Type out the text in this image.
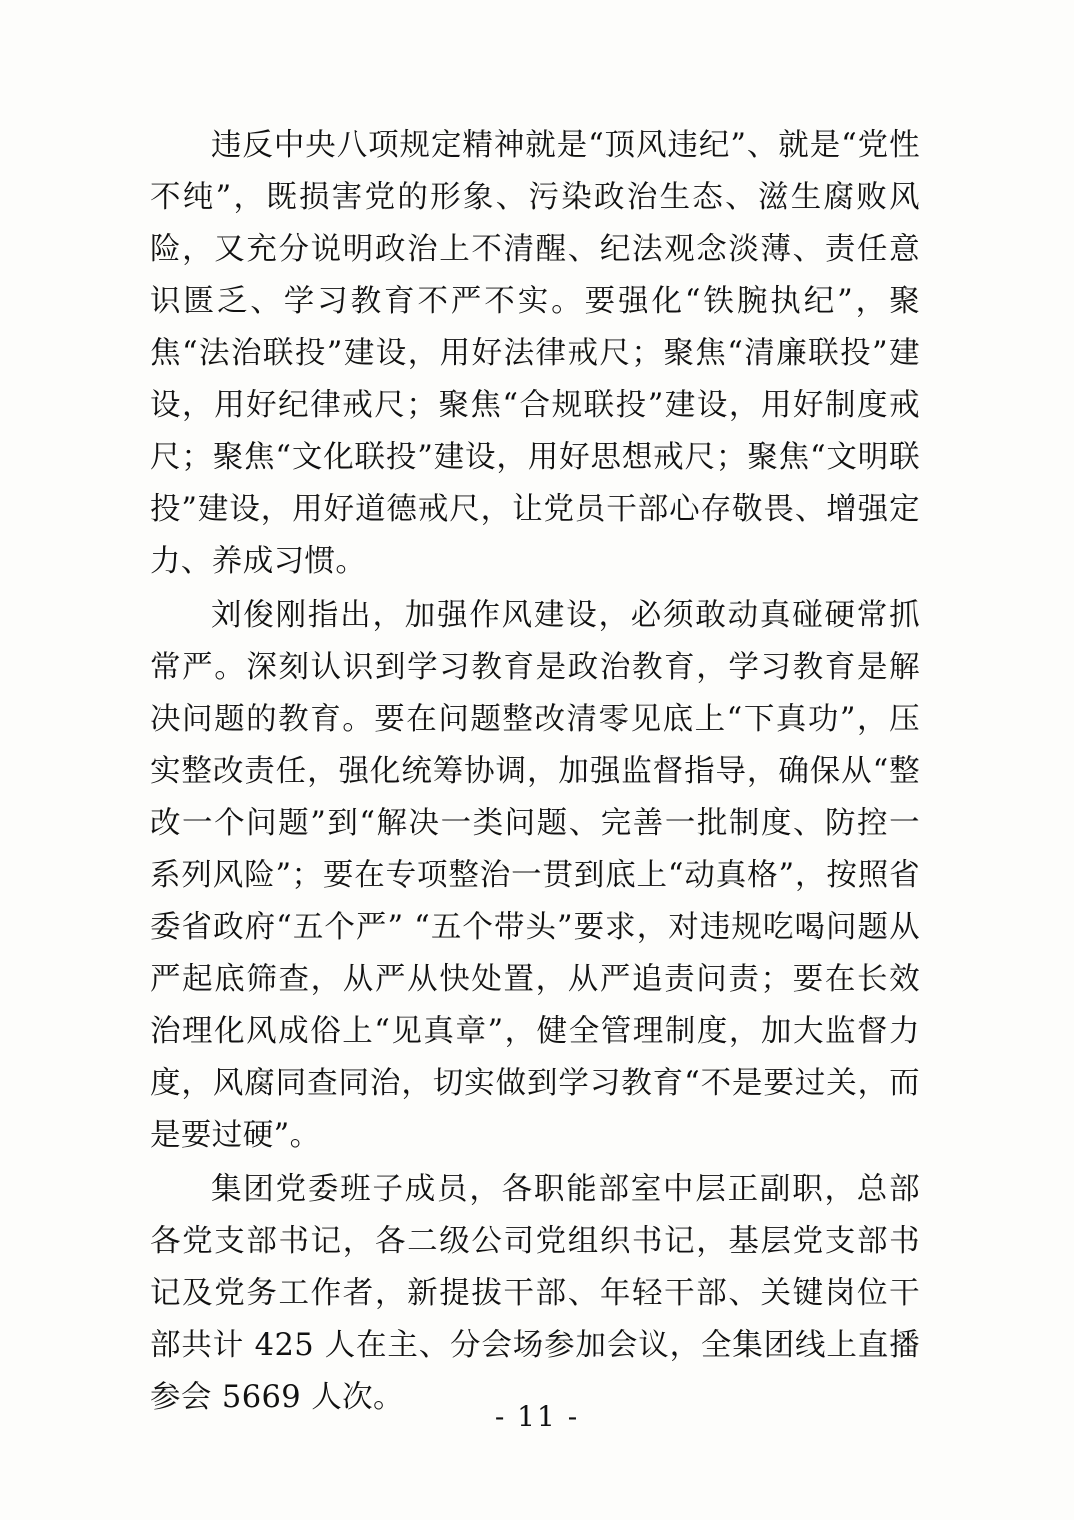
违反中央八项规定精神就是“顶风违纪”、就是“党性不纯”，既损害党的形象、污染政治生态、滋生腐败风险，又充分说明政治上不清醒、纪法观念淡薄、责任意识匮乏、学习教育不严不实。要强化“铁腕执纪”，聚焦“法治联投”建设，用好法律戒尺；聚焦“清廉联投”建设，用好纪律戒尺；聚焦“合规联投”建设，用好制度戒尺；聚焦“文化联投”建设，用好思想戒尺；聚焦“文明联投”建设，用好道德戒尺，让党员干部心存敬畏、增强定力、养成习惯。

刘俊刚指出，加强作风建设，必须敢动真碰硬常抓常严。深刻认识到学习教育是政治教育，学习教育是解决问题的教育。要在问题整改清零见底上“下真功”，压实整改责任，强化统筹协调，加强监督指导，确保从“整改一个问题”到“解决一类问题、完善一批制度、防控一系列风险”；要在专项整治一贯到底上“动真格”，按照省委省政府“五个严” “五个带头”要求，对违规吃喝问题从严起底筛查，从严从快处置，从严追责问责；要在长效治理化风成俗上“见真章”，健全管理制度，加大监督力度，风腐同查同治，切实做到学习教育“不是要过关，而是要过硬”。

集团党委班子成员，各职能部室中层正副职，总部各党支部书记，各二级公司党组织书记，基层党支部书记及党务工作者，新提拔干部、年轻干部、关键岗位干部共计 425 人在主、分会场参加会议，全集团线上直播参会 5669 人次。

- 11 -
